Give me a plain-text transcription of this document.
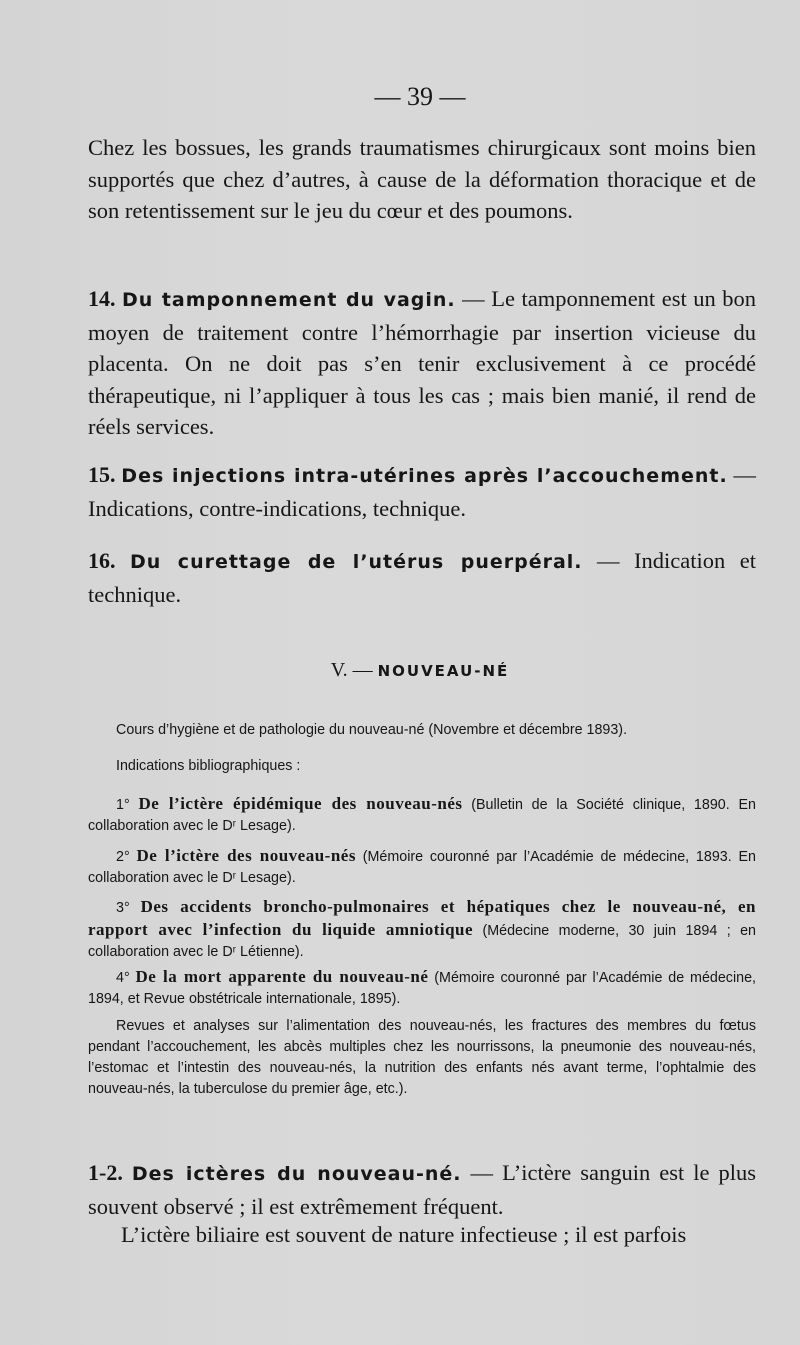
— 39 —

Chez les bossues, les grands traumatismes chirurgicaux sont moins bien supportés que chez d’autres, à cause de la déformation thoracique et de son retentissement sur le jeu du cœur et des poumons.

14. Du tamponnement du vagin. — Le tamponnement est un bon moyen de traitement contre l’hémorrhagie par insertion vicieuse du placenta. On ne doit pas s’en tenir exclusivement à ce procédé thérapeutique, ni l’appliquer à tous les cas ; mais bien manié, il rend de réels services.

15. Des injections intra-utérines après l’accouchement. — Indications, contre-indications, technique.

16. Du curettage de l’utérus puerpéral. — Indication et technique.

V. — NOUVEAU-NÉ

Cours d’hygiène et de pathologie du nouveau-né (Novembre et décembre 1893).

Indications bibliographiques :

1° De l’ictère épidémique des nouveau-nés (Bulletin de la Société clinique, 1890. En collaboration avec le Dʳ Lesage).

2° De l’ictère des nouveau-nés (Mémoire couronné par l’Académie de médecine, 1893. En collaboration avec le Dʳ Lesage).

3° Des accidents broncho-pulmonaires et hépatiques chez le nouveau-né, en rapport avec l’infection du liquide amniotique (Médecine moderne, 30 juin 1894 ; en collaboration avec le Dʳ Létienne).

4° De la mort apparente du nouveau-né (Mémoire couronné par l’Académie de médecine, 1894, et Revue obstétricale internationale, 1895).

Revues et analyses sur l’alimentation des nouveau-nés, les fractures des membres du fœtus pendant l’accouchement, les abcès multiples chez les nourrissons, la pneumonie des nouveau-nés, l’estomac et l’intestin des nouveau-nés, la nutrition des enfants nés avant terme, l’ophtalmie des nouveau-nés, la tuberculose du premier âge, etc.).

1-2. Des ictères du nouveau-né. — L’ictère sanguin est le plus souvent observé ; il est extrêmement fréquent.

L’ictère biliaire est souvent de nature infectieuse ; il est parfois
